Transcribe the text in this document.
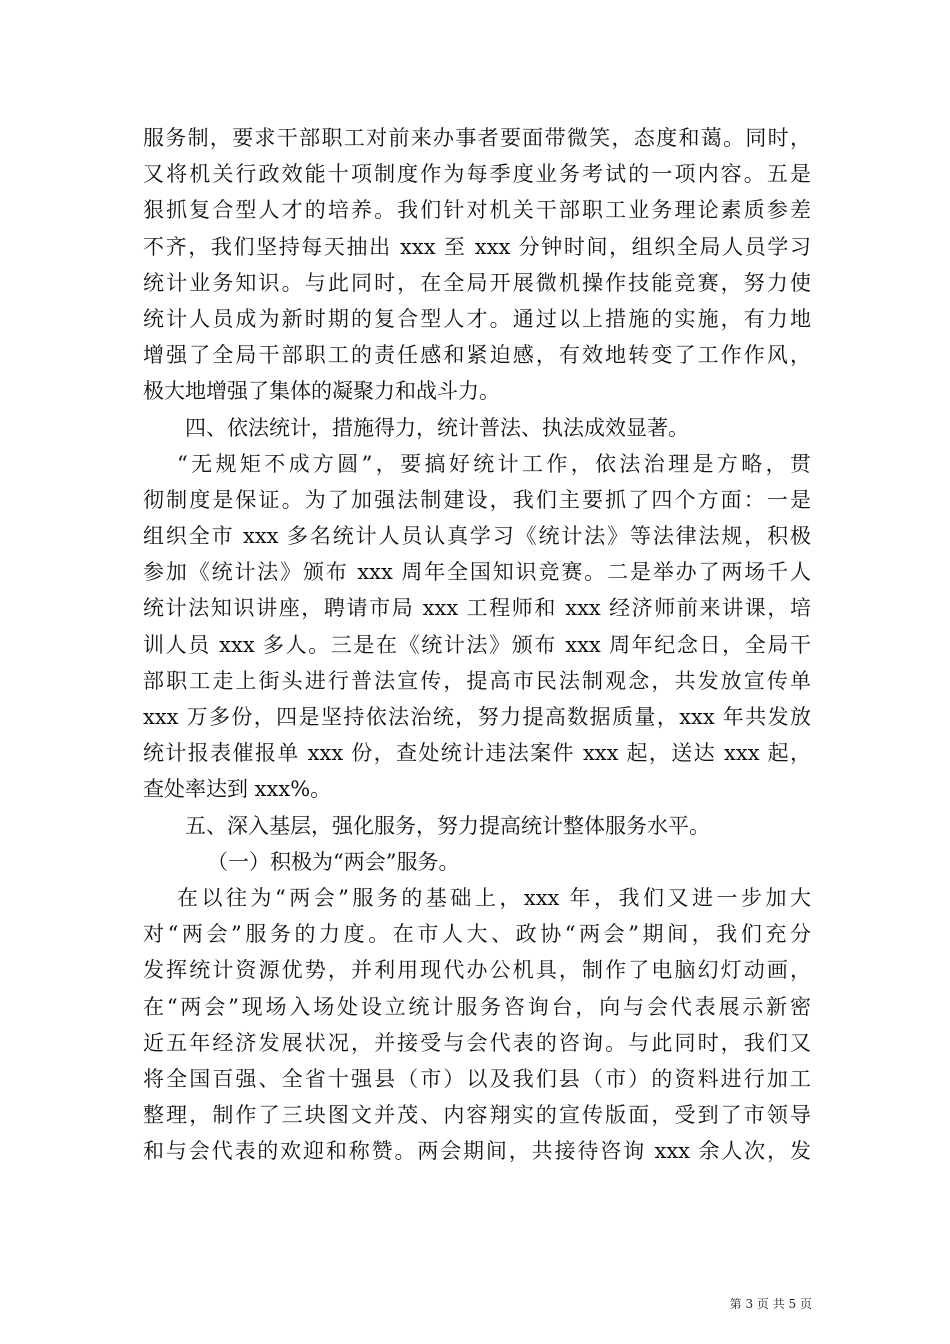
服务制，要求干部职工对前来办事者要面带微笑，态度和蔼。同时，
又将机关行政效能十项制度作为每季度业务考试的一项内容。五是
狠抓复合型人才的培养。我们针对机关干部职工业务理论素质参差
不齐，我们坚持每天抽出 xxx 至 xxx 分钟时间，组织全局人员学习
统计业务知识。与此同时，在全局开展微机操作技能竞赛，努力使
统计人员成为新时期的复合型人才。通过以上措施的实施，有力地
增强了全局干部职工的责任感和紧迫感，有效地转变了工作作风，
极大地增强了集体的凝聚力和战斗力。
四、依法统计，措施得力，统计普法、执法成效显著。
“无规矩不成方圆”，要搞好统计工作，依法治理是方略，贯
彻制度是保证。为了加强法制建设，我们主要抓了四个方面：一是
组织全市 xxx 多名统计人员认真学习《统计法》等法律法规，积极
参加《统计法》颁布 xxx 周年全国知识竞赛。二是举办了两场千人
统计法知识讲座，聘请市局 xxx 工程师和 xxx 经济师前来讲课，培
训人员 xxx 多人。三是在《统计法》颁布 xxx 周年纪念日，全局干
部职工走上街头进行普法宣传，提高市民法制观念，共发放宣传单
xxx 万多份，四是坚持依法治统，努力提高数据质量，xxx 年共发放
统计报表催报单 xxx 份，查处统计违法案件 xxx 起，送达 xxx 起，
查处率达到 xxx%。
五、深入基层，强化服务，努力提高统计整体服务水平。
（一）积极为“两会”服务。
在以往为“两会”服务的基础上，xxx 年，我们又进一步加大
对“两会”服务的力度。在市人大、政协“两会”期间，我们充分
发挥统计资源优势，并利用现代办公机具，制作了电脑幻灯动画，
在“两会”现场入场处设立统计服务咨询台，向与会代表展示新密
近五年经济发展状况，并接受与会代表的咨询。与此同时，我们又
将全国百强、全省十强县（市）以及我们县（市）的资料进行加工
整理，制作了三块图文并茂、内容翔实的宣传版面，受到了市领导
和与会代表的欢迎和称赞。两会期间，共接待咨询 xxx 余人次，发
第 3 页 共 5 页
